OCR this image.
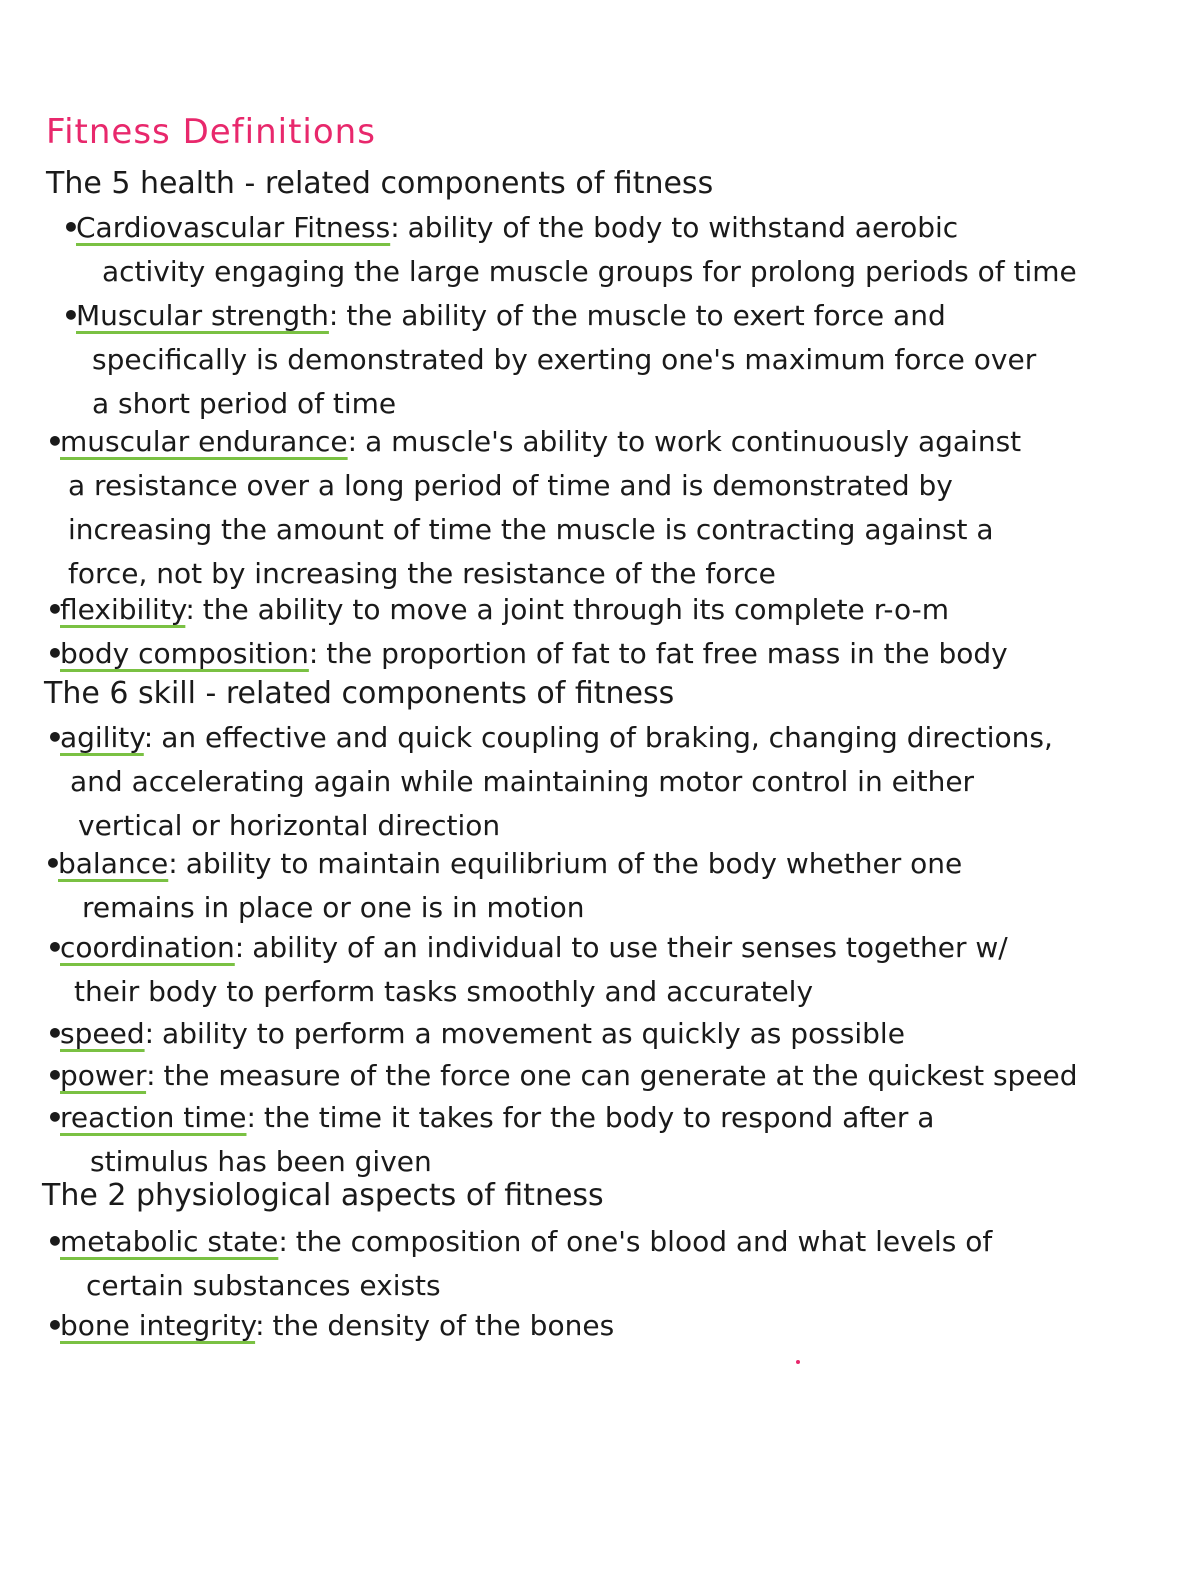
Fitness Definitions
The 5 health - related components of fitness
•Cardiovascular Fitness: ability of the body to withstand aerobic
activity engaging the large muscle groups for prolong periods of time
•Muscular strength: the ability of the muscle to exert force and
specifically is demonstrated by exerting one's maximum force over
a short period of time
•muscular endurance: a muscle's ability to work continuously against
a resistance over a long period of time and is demonstrated by
increasing the amount of time the muscle is contracting against a
force, not by increasing the resistance of the force
•flexibility: the ability to move a joint through its complete r-o-m
•body composition: the proportion of fat to fat free mass in the body
The 6 skill - related components of fitness
•agility: an effective and quick coupling of braking, changing directions,
and accelerating again while maintaining motor control in either
vertical or horizontal direction
•balance: ability to maintain equilibrium of the body whether one
remains in place or one is in motion
•coordination: ability of an individual to use their senses together w/
their body to perform tasks smoothly and accurately
•speed: ability to perform a movement as quickly as possible
•power: the measure of the force one can generate at the quickest speed
•reaction time: the time it takes for the body to respond after a
stimulus has been given
The 2 physiological aspects of fitness
•metabolic state: the composition of one's blood and what levels of
certain substances exists
•bone integrity: the density of the bones
